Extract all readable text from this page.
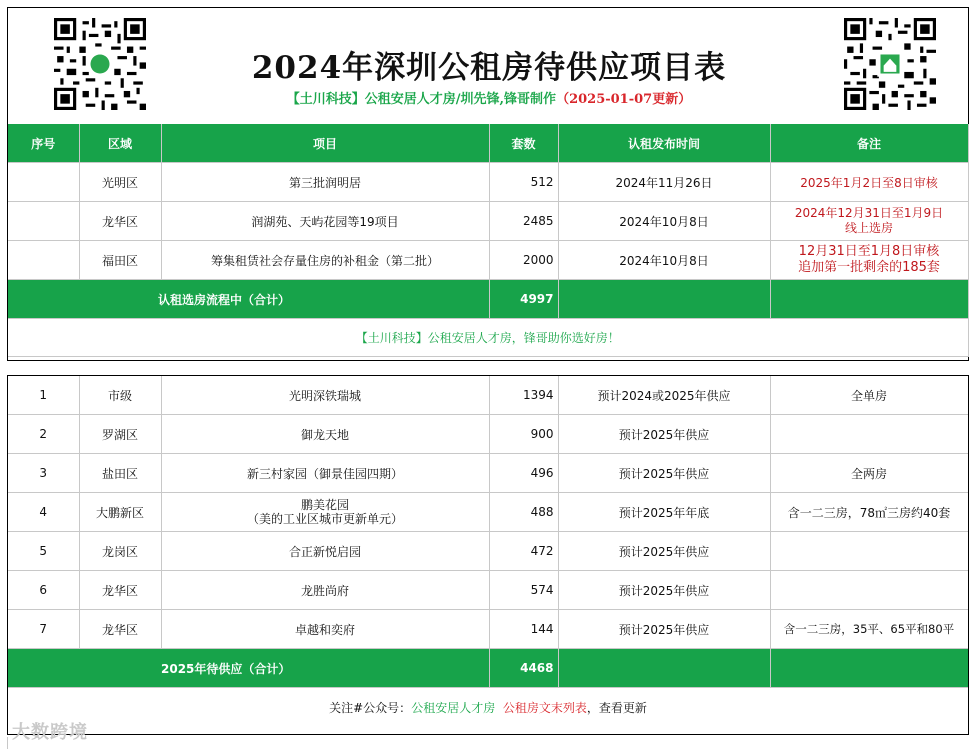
2024年深圳公租房待供应项目表
【土川科技】公租安居人才房/圳先锋,锋哥制作（2025-01-07更新）
序号	区域	项目	套数	认租发布时间	备注
	光明区	第三批润明居	512	2024年11月26日	2025年1月2日至8日审核
	龙华区	润湖苑、天屿花园等19项目	2485	2024年10月8日	2024年12月31日至1月9日
线上选房

	福田区	筹集租赁社会存量住房的补租金（第二批）	2000	2024年10月8日	12月31日至1月8日审核
追加第一批剩余的185套

认租选房流程中（合计）			4997		
【土川科技】公租安居人才房，锋哥助你选好房！					
1	市级	光明深铁瑞城	1394	预计2024或2025年供应	全单房
2	罗湖区	御龙天地	900	预计2025年供应	
3	盐田区	新三村家园（御景佳园四期）	496	预计2025年供应	全两房
4	大鹏新区	鹏美花园
（美的工业区城市更新单元）	488	预计2025年年底	含一二三房，78㎡三房约40套
5	龙岗区	合正新悦启园	472	预计2025年供应	
6	龙华区	龙胜尚府	574	预计2025年供应	
7	龙华区	卓越和奕府	144	预计2025年供应	含一二三房，35平、65平和80平
2025年待供应（合计）			4468		
关注#公众号：公租安居人才房 公租房文末列表，查看更新					
大数跨境
